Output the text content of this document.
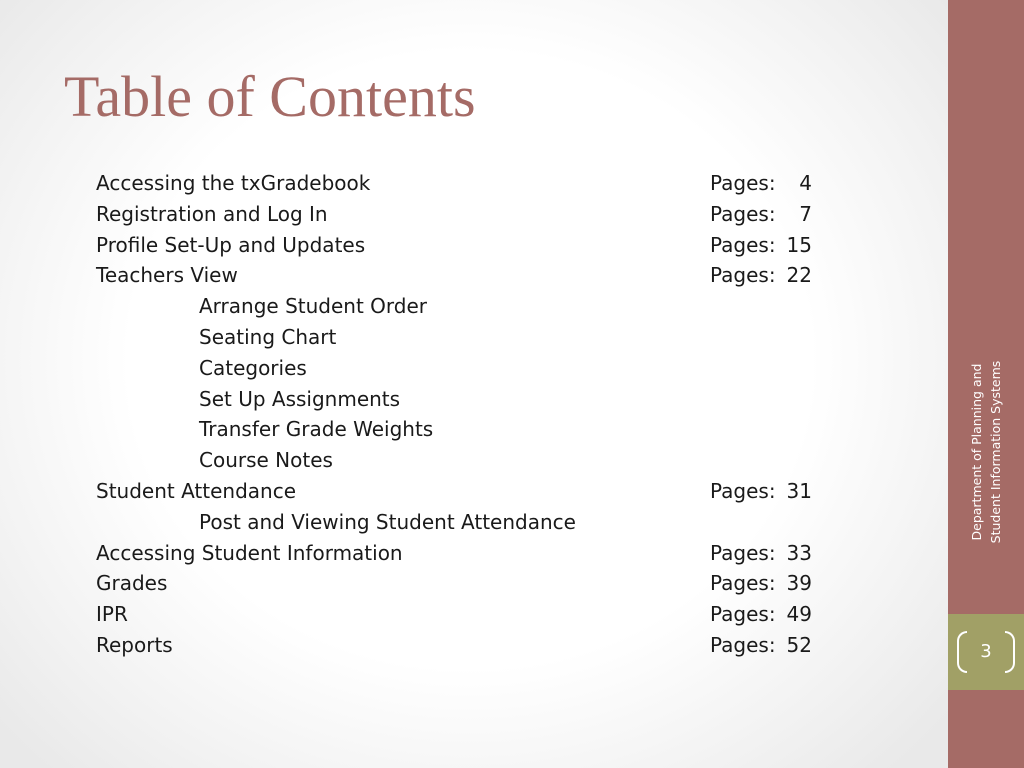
Table of Contents
Accessing the txGradebook	Pages: 4
Registration and Log In	Pages: 7
Profile Set-Up and Updates	Pages: 15
Teachers View	Pages: 22
Arrange Student Order
Seating Chart
Categories
Set Up Assignments
Transfer Grade Weights
Course Notes
Student Attendance	Pages: 31
Post and Viewing Student Attendance
Accessing Student Information	Pages: 33
Grades	Pages: 39
IPR	Pages: 49
Reports	Pages: 52
Department of Planning and Student Information Systems
3
